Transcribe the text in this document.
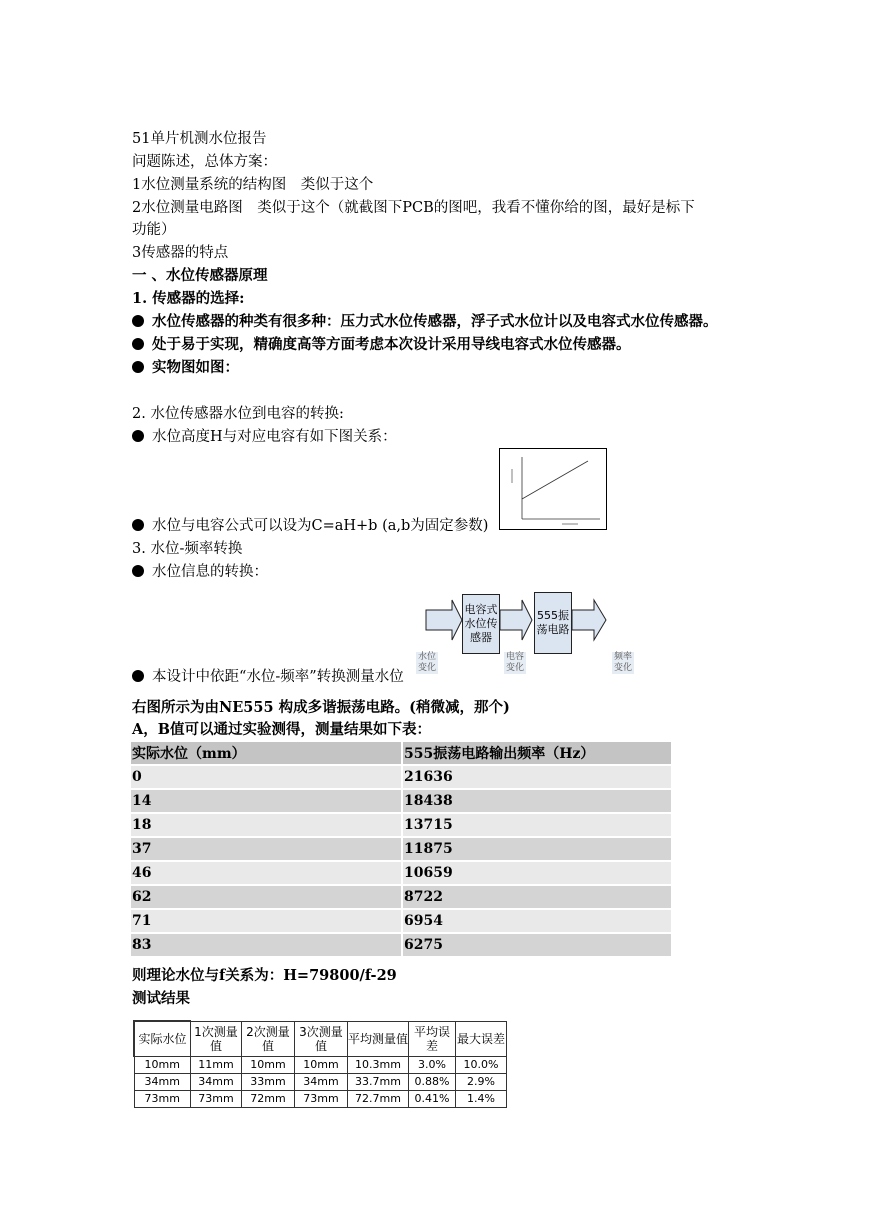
51单片机测水位报告
问题陈述，总体方案：
1水位测量系统的结构图　类似于这个
2水位测量电路图　类似于这个（就截图下PCB的图吧，我看不懂你给的图，最好是标下
功能）
3传感器的特点
一 、水位传感器原理
1. 传感器的选择:
水位传感器的种类有很多种：压力式水位传感器，浮子式水位计以及电容式水位传感器。
处于易于实现，精确度高等方面考虑本次设计采用导线电容式水位传感器。
实物图如图：
2. 水位传感器水位到电容的转换:
水位高度H与对应电容有如下图关系：
水位与电容公式可以设为C=aH+b (a,b为固定参数)
3. 水位-频率转换
水位信息的转换：
电容式水位传感器
555振荡电路
水位变化
电容变化
频率变化
本设计中依距“水位-频率”转换测量水位
右图所示为由NE555 构成多谐振荡电路。(稍微减，那个)
A，B值可以通过实验测得，测量结果如下表：
实际水位（mm）	555振荡电路输出频率（Hz）
0	21636
14	18438
18	13715
37	11875
46	10659
62	8722
71	6954
83	6275
则理论水位与f关系为：H=79800/f-29
测试结果
实际水位	1次测量值	2次测量值	3次测量值	平均测量值	平均误差	最大误差
10mm	11mm	10mm	10mm	10.3mm	3.0%	10.0%
34mm	34mm	33mm	34mm	33.7mm	0.88%	2.9%
73mm	73mm	72mm	73mm	72.7mm	0.41%	1.4%
